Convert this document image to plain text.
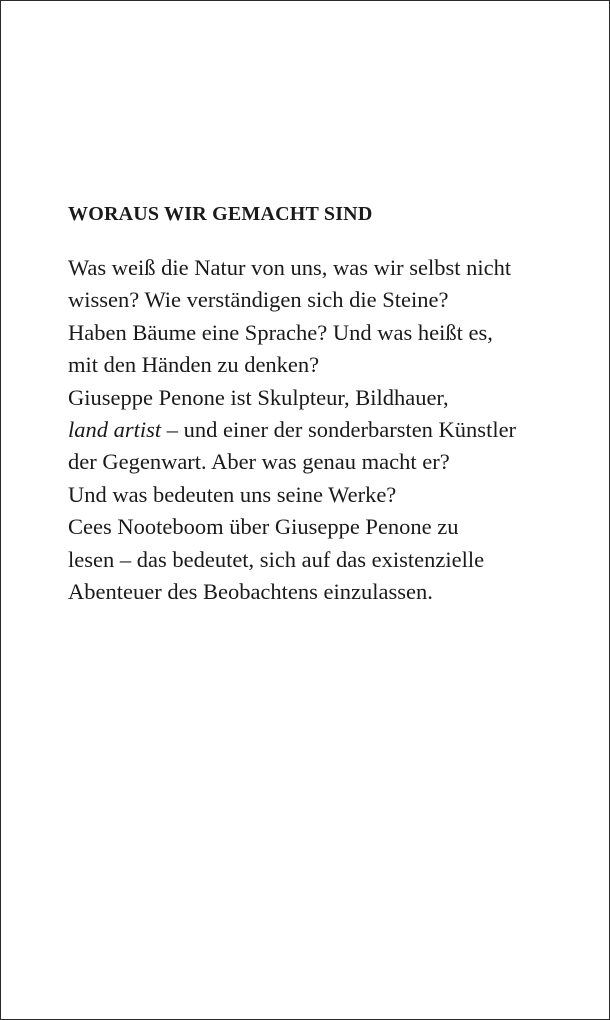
WORAUS WIR GEMACHT SIND

Was weiß die Natur von uns, was wir selbst nicht
wissen? Wie verständigen sich die Steine?
Haben Bäume eine Sprache? Und was heißt es,
mit den Händen zu denken?
Giuseppe Penone ist Skulpteur, Bildhauer,
land artist – und einer der sonderbarsten Künstler
der Gegenwart. Aber was genau macht er?
Und was bedeuten uns seine Werke?
Cees Nooteboom über Giuseppe Penone zu
lesen – das bedeutet, sich auf das existenzielle
Abenteuer des Beobachtens einzulassen.
